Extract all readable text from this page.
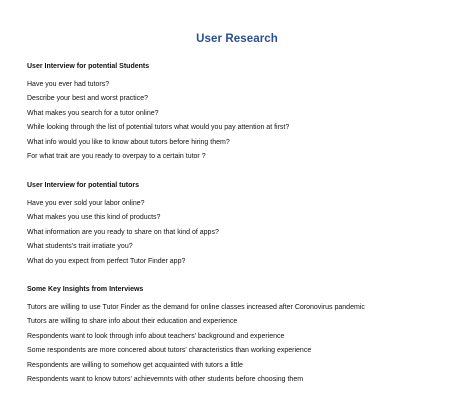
User Research
User Interview for potential Students
Have you ever had tutors?
Describe your best and worst practice?
What makes you search for a tutor online?
While looking through the list of potential tutors what would you pay attention at first?
What info would you like to know about tutors before hiring them?
For what trait are you ready to overpay to a certain tutor ?
User Interview for potential tutors
Have you ever sold your labor online?
What makes you use this kind of products?
What information are you ready to share on that kind of apps?
What students's trait irratiate you?
What do you expect from perfect Tutor Finder app?
Some Key Insights from Interviews
Tutors are willing to use Tutor Finder as the demand for online classes increased after Coronovirus pandemic
Tutors are willing to share info about their education and experience
Respondents want to look through info about teachers' background and experience
Some respondents are more concered about tutors' characteristics than working experience
Respondents are willing to somehow get acquainted with tutors a little
Respondents want to know tutors' achievemnts with other students before choosing them
